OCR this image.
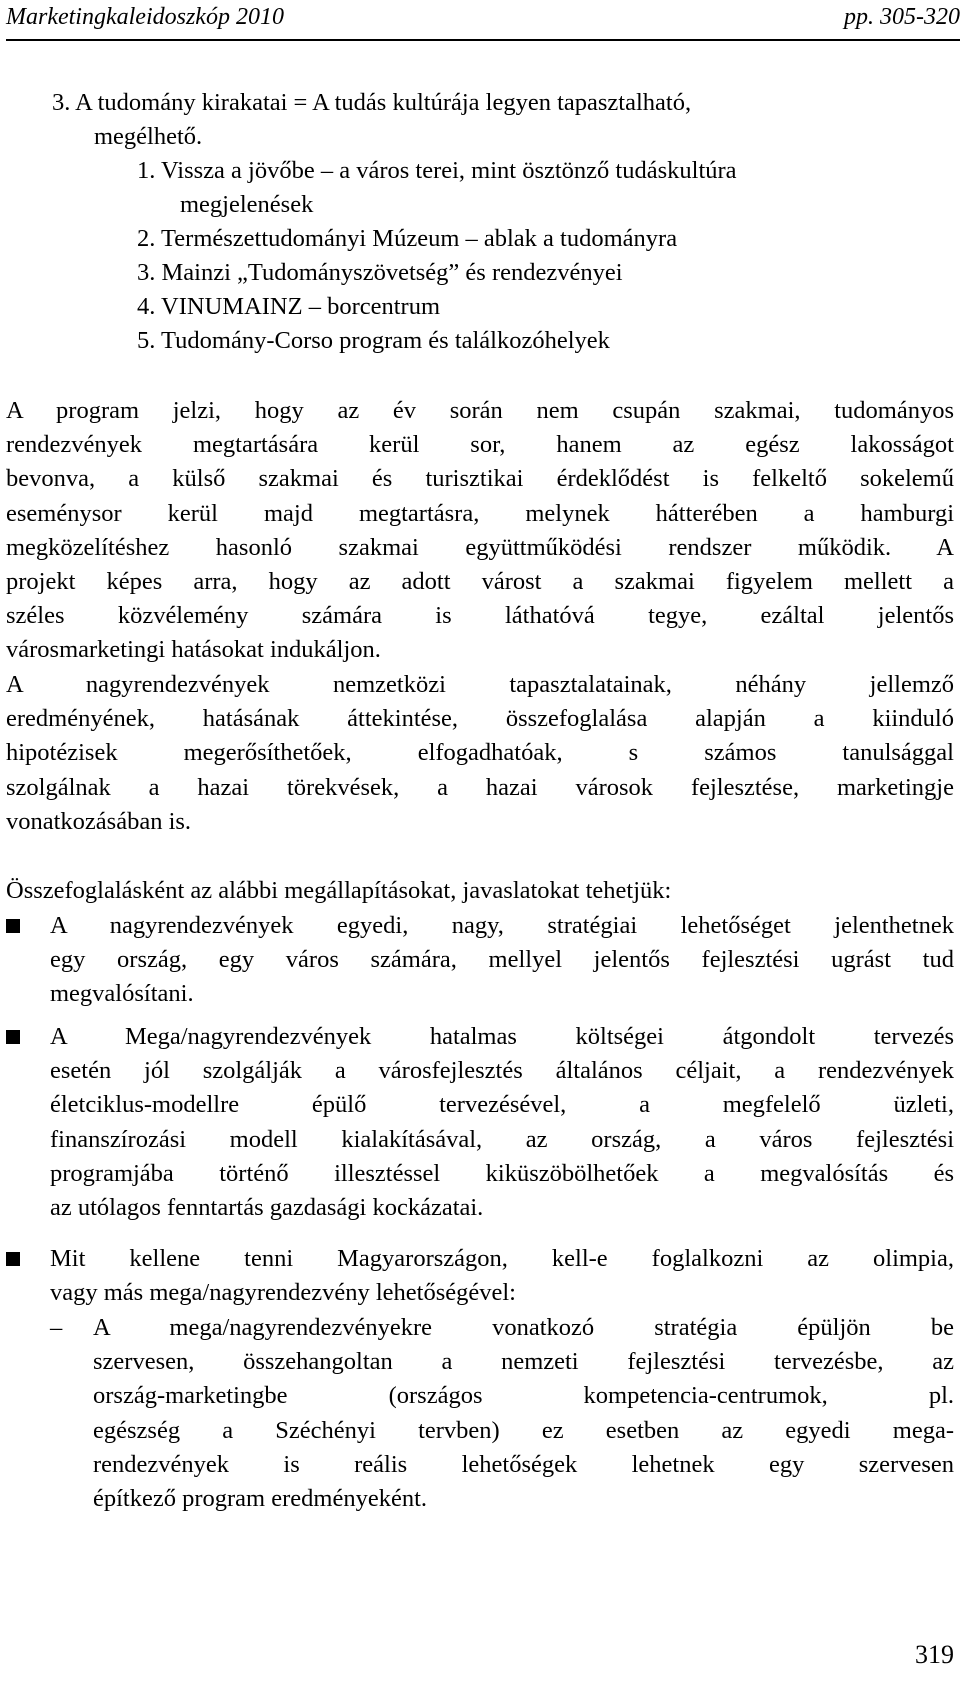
Marketingkaleidoszkóp 2010	pp. 305-320
3. A tudomány kirakatai = A tudás kultúrája legyen tapasztalható,
megélhető.
1. Vissza a jövőbe – a város terei, mint ösztönző tudáskultúra
megjelenések
2. Természettudományi Múzeum – ablak a tudományra
3. Mainzi „Tudományszövetség” és rendezvényei
4. VINUMAINZ – borcentrum
5. Tudomány-Corso program és találkozóhelyek
A program jelzi, hogy az év során nem csupán szakmai, tudományos
rendezvények megtartására kerül sor, hanem az egész lakosságot
bevonva, a külső szakmai és turisztikai érdeklődést is felkeltő sokelemű
eseménysor kerül majd megtartásra, melynek hátterében a hamburgi
megközelítéshez hasonló szakmai együttműködési rendszer működik. A
projekt képes arra, hogy az adott várost a szakmai figyelem mellett a
széles közvélemény számára is láthatóvá tegye, ezáltal jelentős
városmarketingi hatásokat indukáljon.
A nagyrendezvények nemzetközi tapasztalatainak, néhány jellemző
eredményének, hatásának áttekintése, összefoglalása alapján a kiinduló
hipotézisek megerősíthetőek, elfogadhatóak, s számos tanulsággal
szolgálnak a hazai törekvések, a hazai városok fejlesztése, marketingje
vonatkozásában is.
Összefoglalásként az alábbi megállapításokat, javaslatokat tehetjük:
A nagyrendezvények egyedi, nagy, stratégiai lehetőséget jelenthetnek
egy ország, egy város számára, mellyel jelentős fejlesztési ugrást tud
megvalósítani.
A Mega/nagyrendezvények hatalmas költségei átgondolt tervezés
esetén jól szolgálják a városfejlesztés általános céljait, a rendezvények
életciklus-modellre épülő tervezésével, a megfelelő üzleti,
finanszírozási modell kialakításával, az ország, a város fejlesztési
programjába történő illesztéssel kiküszöbölhetőek a megvalósítás és
az utólagos fenntartás gazdasági kockázatai.
Mit kellene tenni Magyarországon, kell-e foglalkozni az olimpia,
vagy más mega/nagyrendezvény lehetőségével:
– A mega/nagyrendezvényekre vonatkozó stratégia épüljön be
szervesen, összehangoltan a nemzeti fejlesztési tervezésbe, az
ország-marketingbe (országos kompetencia-centrumok, pl.
egészség a Széchényi tervben) ez esetben az egyedi mega-
rendezvények is reális lehetőségek lehetnek egy szervesen
építkező program eredményeként.
319
